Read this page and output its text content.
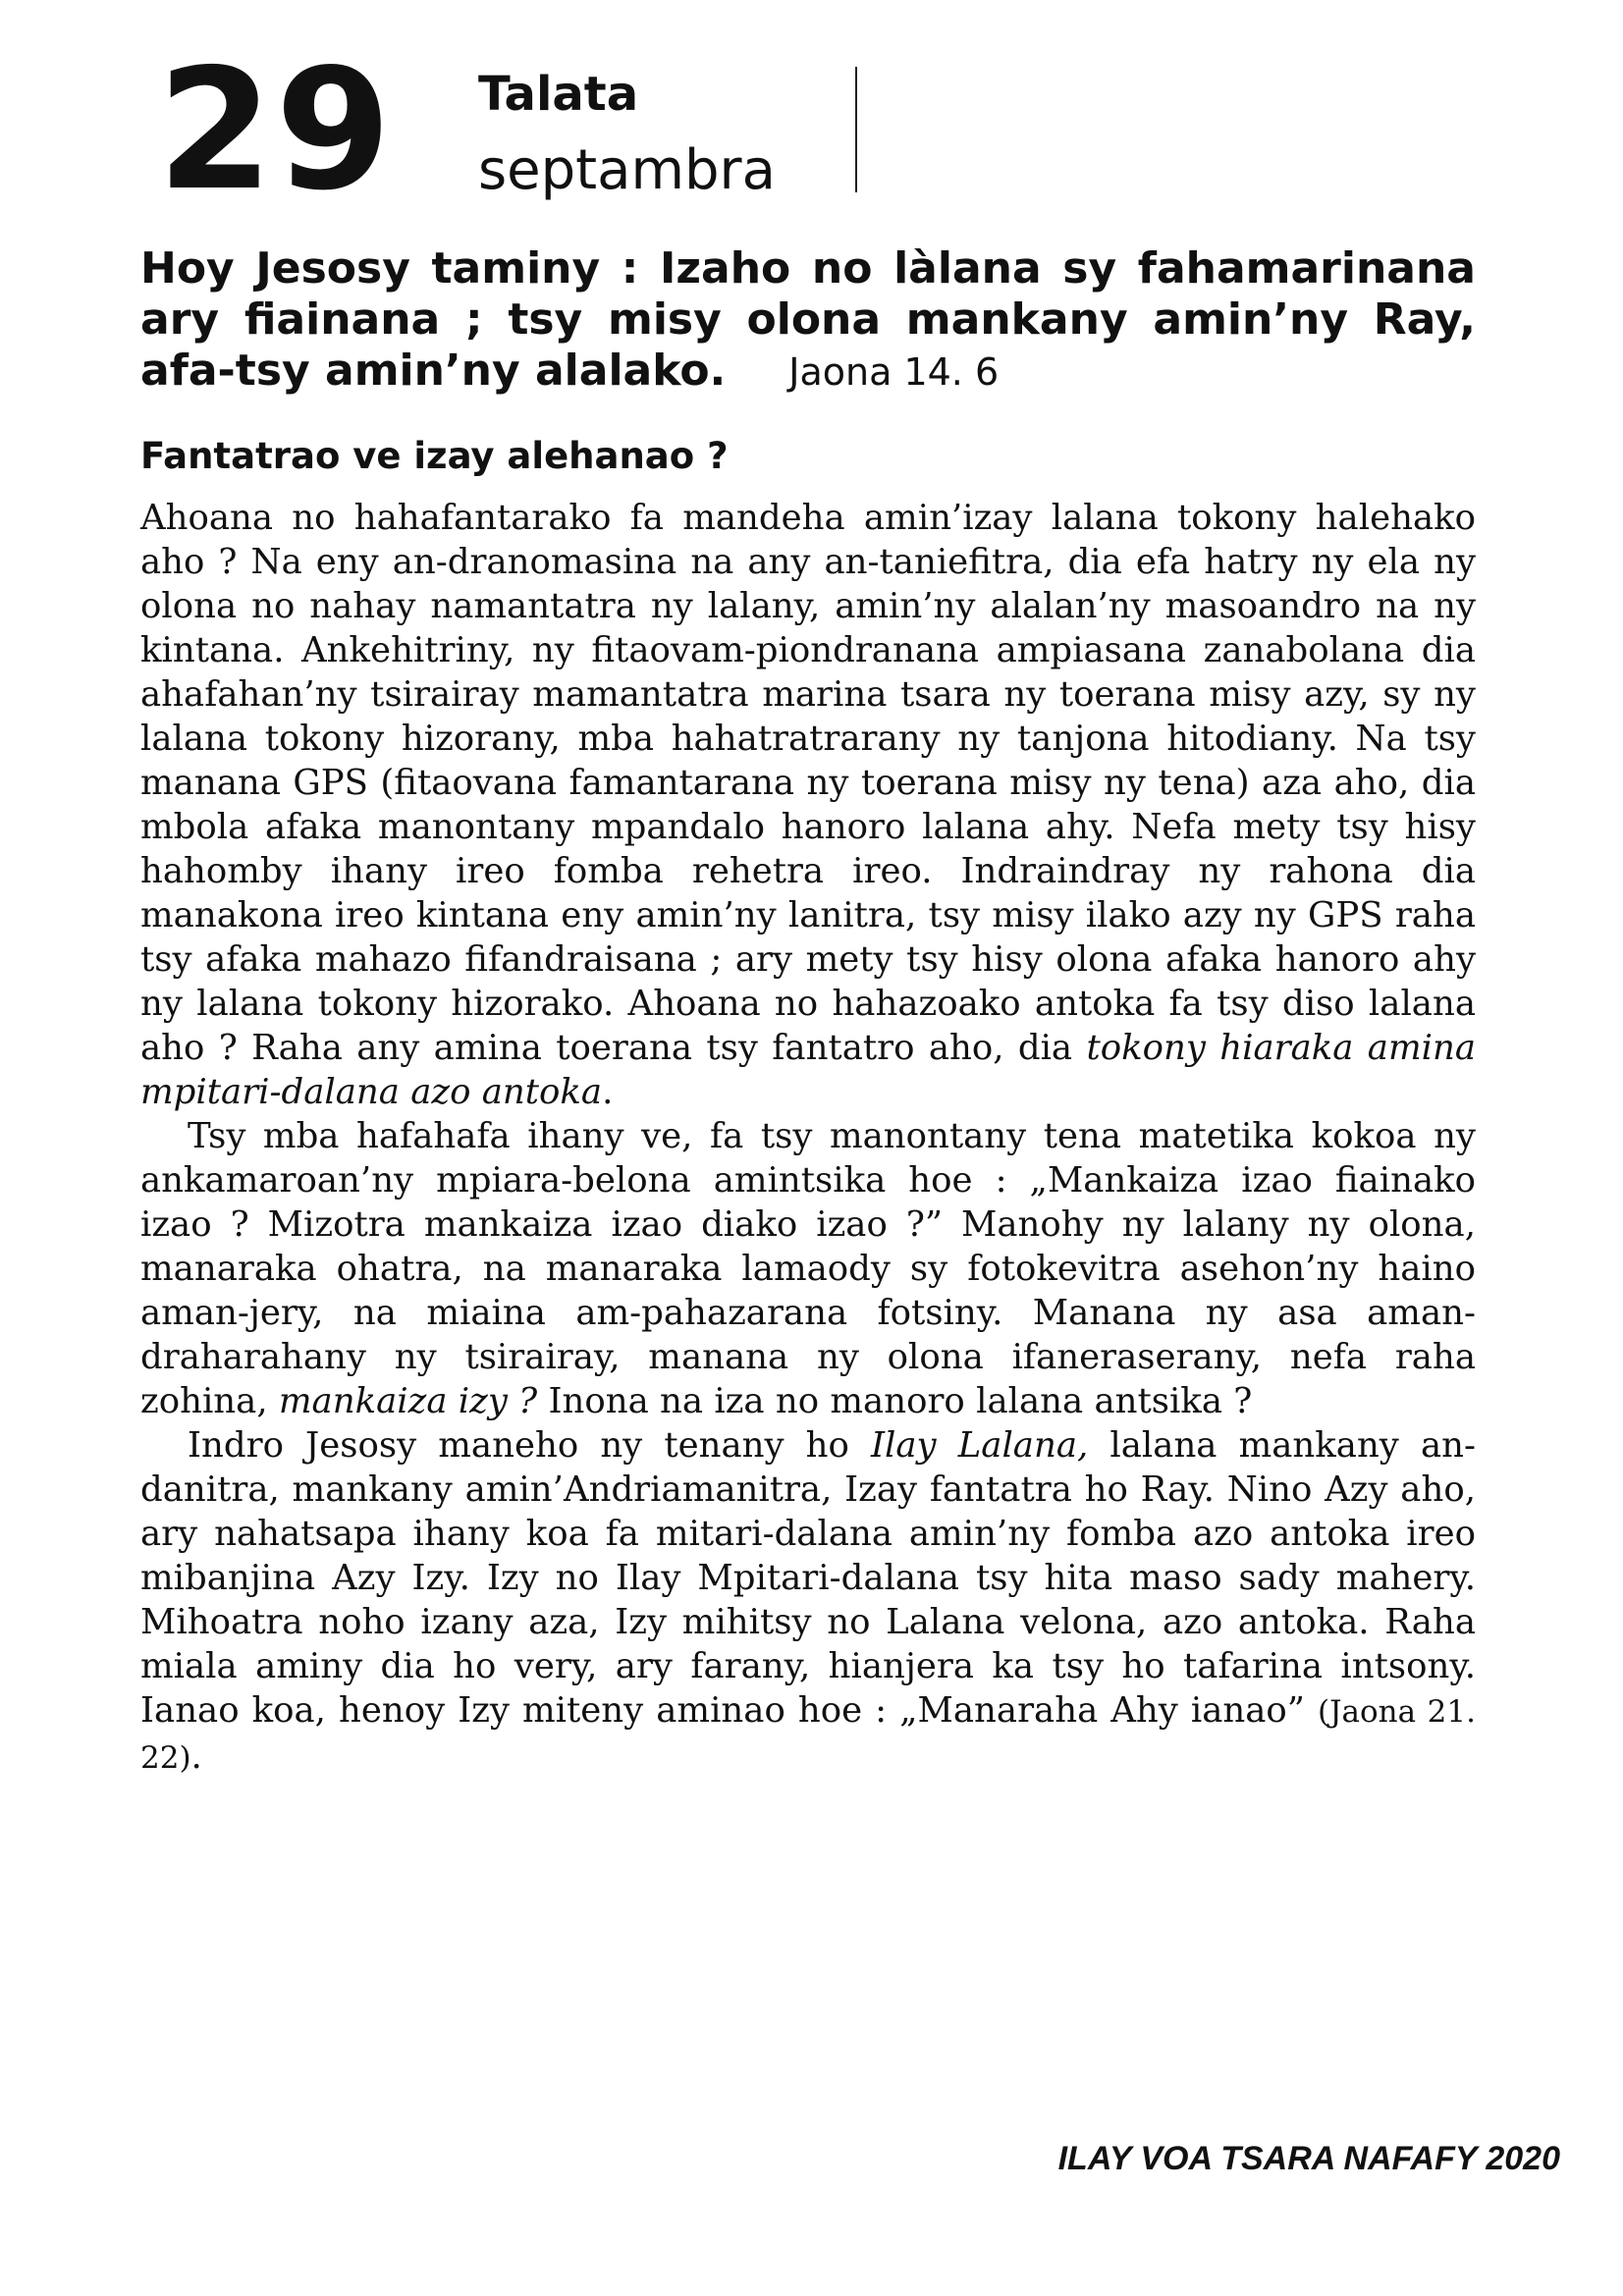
29 Talata
septambra

Hoy Jesosy taminy : Izaho no làlana sy fahamarinana ary fiainana ; tsy misy olona mankany amin’ny Ray, afa-tsy amin’ny alalako. Jaona 14. 6

Fantatrao ve izay alehanao ?

Ahoana no hahafantarako fa mandeha amin’izay lalana tokony halehako aho ? Na eny an-dranomasina na any an-taniefitra, dia efa hatry ny ela ny olona no nahay namantatra ny lalany, amin’ny alalan’ny masoandro na ny kintana. Ankehitriny, ny fitaovam-piondranana ampiasana zanabolana dia ahafahan’ny tsirairay mamantatra marina tsara ny toerana misy azy, sy ny lalana tokony hizorany, mba hahatratrarany ny tanjona hitodiany. Na tsy manana GPS (fitaovana famantarana ny toerana misy ny tena) aza aho, dia mbola afaka manontany mpandalo hanoro lalana ahy. Nefa mety tsy hisy hahomby ihany ireo fomba rehetra ireo. Indraindray ny rahona dia manakona ireo kintana eny amin’ny lanitra, tsy misy ilako azy ny GPS raha tsy afaka mahazo fifandraisana ; ary mety tsy hisy olona afaka hanoro ahy ny lalana tokony hizorako. Ahoana no hahazoako antoka fa tsy diso lalana aho ? Raha any amina toerana tsy fantatro aho, dia tokony hiaraka amina mpitari-dalana azo antoka.

Tsy mba hafahafa ihany ve, fa tsy manontany tena matetika kokoa ny ankamaroan’ny mpiara-belona amintsika hoe : „Mankaiza izao fiainako izao ? Mizotra mankaiza izao diako izao ?” Manohy ny lalany ny olona, manaraka ohatra, na manaraka lamaody sy fotokevitra asehon’ny haino aman-jery, na miaina am-pahazarana fotsiny. Manana ny asa amandraharahany ny tsirairay, manana ny olona ifaneraserany, nefa raha zohina, mankaiza izy ? Inona na iza no manoro lalana antsika ?

Indro Jesosy maneho ny tenany ho Ilay Lalana, lalana mankany an-danitra, mankany amin’Andriamanitra, Izay fantatra ho Ray. Nino Azy aho, ary nahatsapa ihany koa fa mitari-dalana amin’ny fomba azo antoka ireo mibanjina Azy Izy. Izy no Ilay Mpitari-dalana tsy hita maso sady mahery. Mihoatra noho izany aza, Izy mihitsy no Lalana velona, azo antoka. Raha miala aminy dia ho very, ary farany, hianjera ka tsy ho tafarina intsony. Ianao koa, henoy Izy miteny aminao hoe : „Manaraha Ahy ianao” (Jaona 21. 22).

ILAY VOA TSARA NAFAFY 2020
